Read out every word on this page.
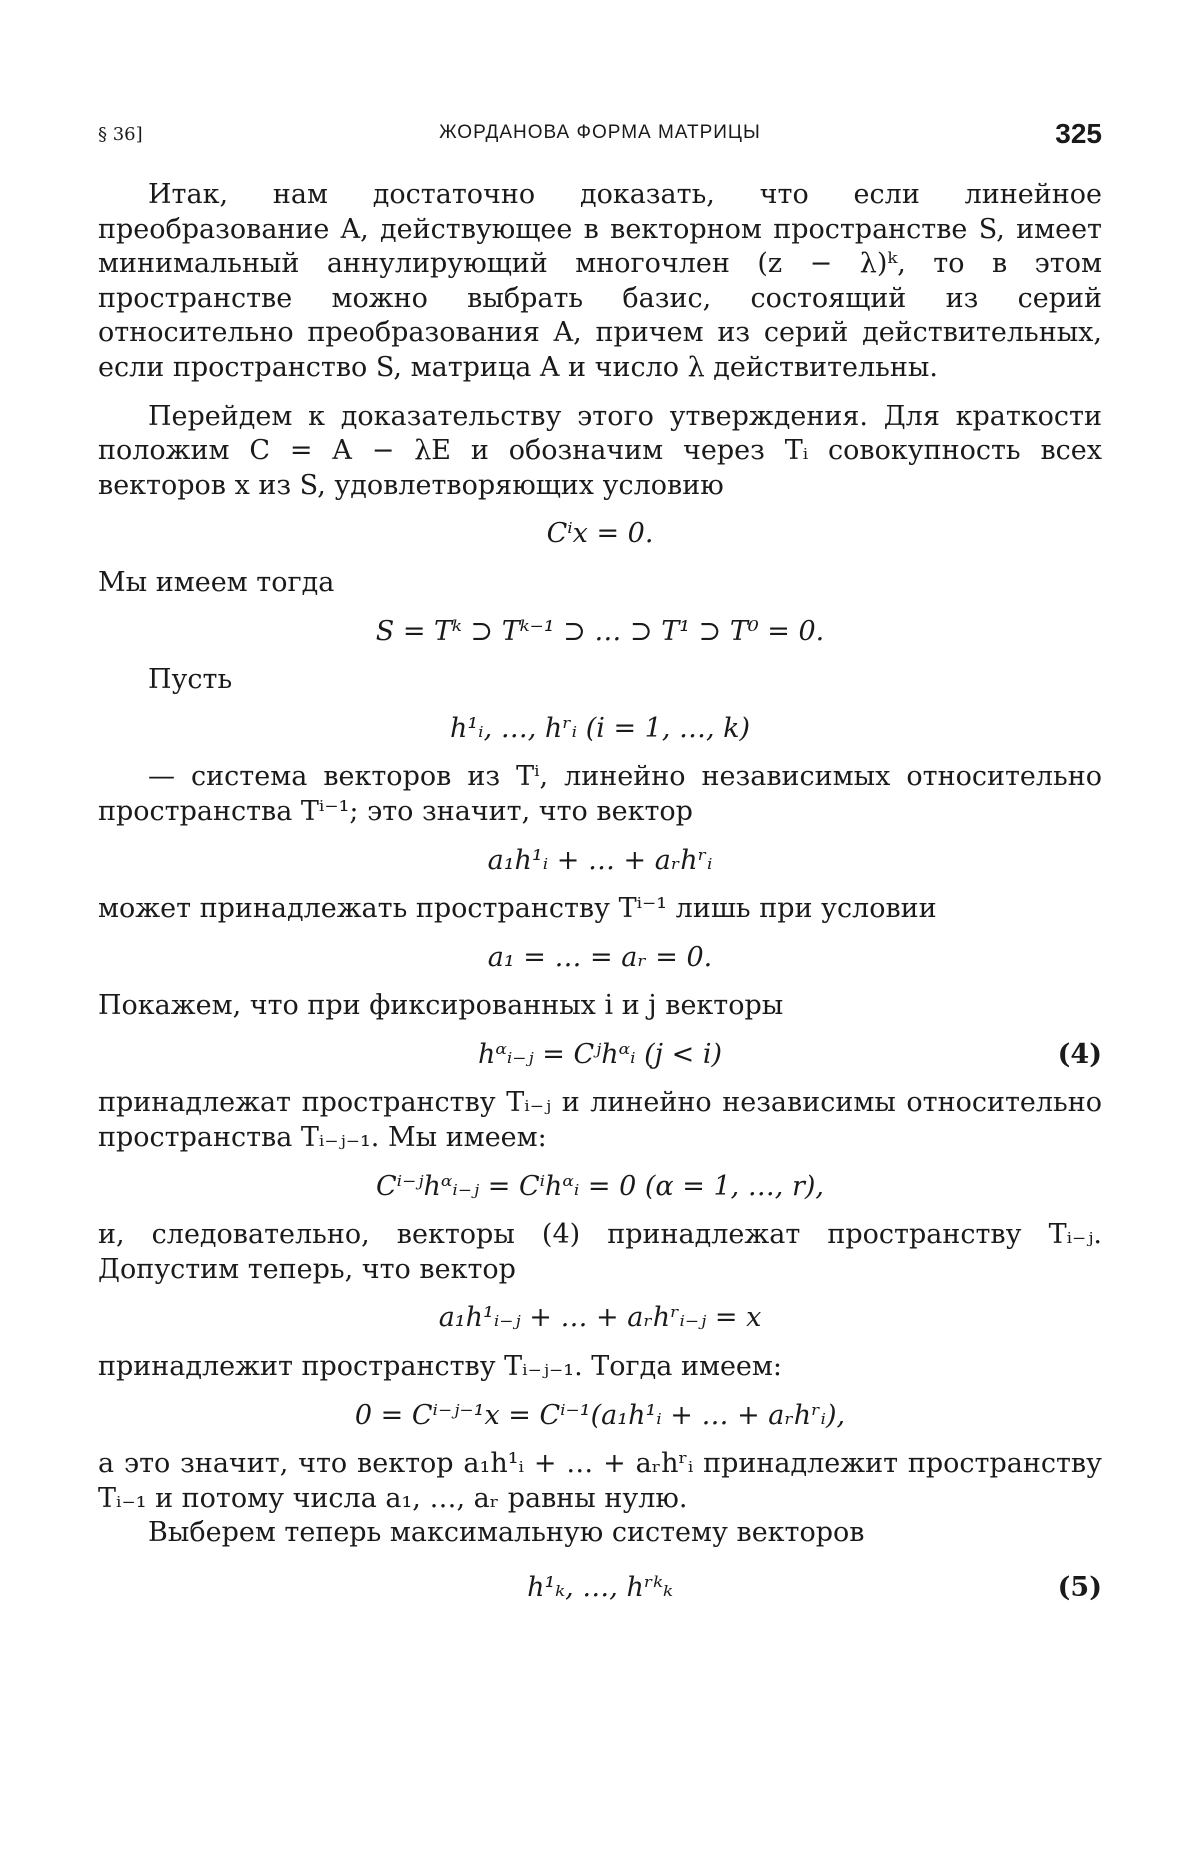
§ 36]	ЖОРДАНОВА ФОРМА МАТРИЦЫ	325

Итак, нам достаточно доказать, что если линейное преобразование A, действующее в векторном пространстве S, имеет минимальный аннулирующий многочлен (z − λ)ᵏ, то в этом пространстве можно выбрать базис, состоящий из серий относительно преобразования A, причем из серий действительных, если пространство S, матрица A и число λ действительны.

Перейдем к доказательству этого утверждения. Для краткости положим C = A − λE и обозначим через Tᵢ совокупность всех векторов x из S, удовлетворяющих условию

Cⁱx = 0.

Мы имеем тогда

S = Tᵏ ⊃ Tᵏ⁻¹ ⊃ … ⊃ T¹ ⊃ T⁰ = 0.

Пусть

h¹ᵢ, …, hʳᵢ (i = 1, …, k)

— система векторов из Tⁱ, линейно независимых относительно пространства Tⁱ⁻¹; это значит, что вектор

a₁h¹ᵢ + … + aᵣhʳᵢ

может принадлежать пространству Tⁱ⁻¹ лишь при условии

a₁ = … = aᵣ = 0.

Покажем, что при фиксированных i и j векторы

hᵅᵢ₋ⱼ = Cʲhᵅᵢ (j < i)	(4)

принадлежат пространству Tᵢ₋ⱼ и линейно независимы относительно пространства Tᵢ₋ⱼ₋₁. Мы имеем:

Cⁱ⁻ʲhᵅᵢ₋ⱼ = Cⁱhᵅᵢ = 0 (α = 1, …, r),

и, следовательно, векторы (4) принадлежат пространству Tᵢ₋ⱼ. Допустим теперь, что вектор

a₁h¹ᵢ₋ⱼ + … + aᵣhʳᵢ₋ⱼ = x

принадлежит пространству Tᵢ₋ⱼ₋₁. Тогда имеем:

0 = Cⁱ⁻ʲ⁻¹x = Cⁱ⁻¹(a₁h¹ᵢ + … + aᵣhʳᵢ),

а это значит, что вектор a₁h¹ᵢ + … + aᵣhʳᵢ принадлежит пространству Tᵢ₋₁ и потому числа a₁, …, aᵣ равны нулю.

Выберем теперь максимальную систему векторов

h¹ₖ, …, hʳᵏₖ	(5)
